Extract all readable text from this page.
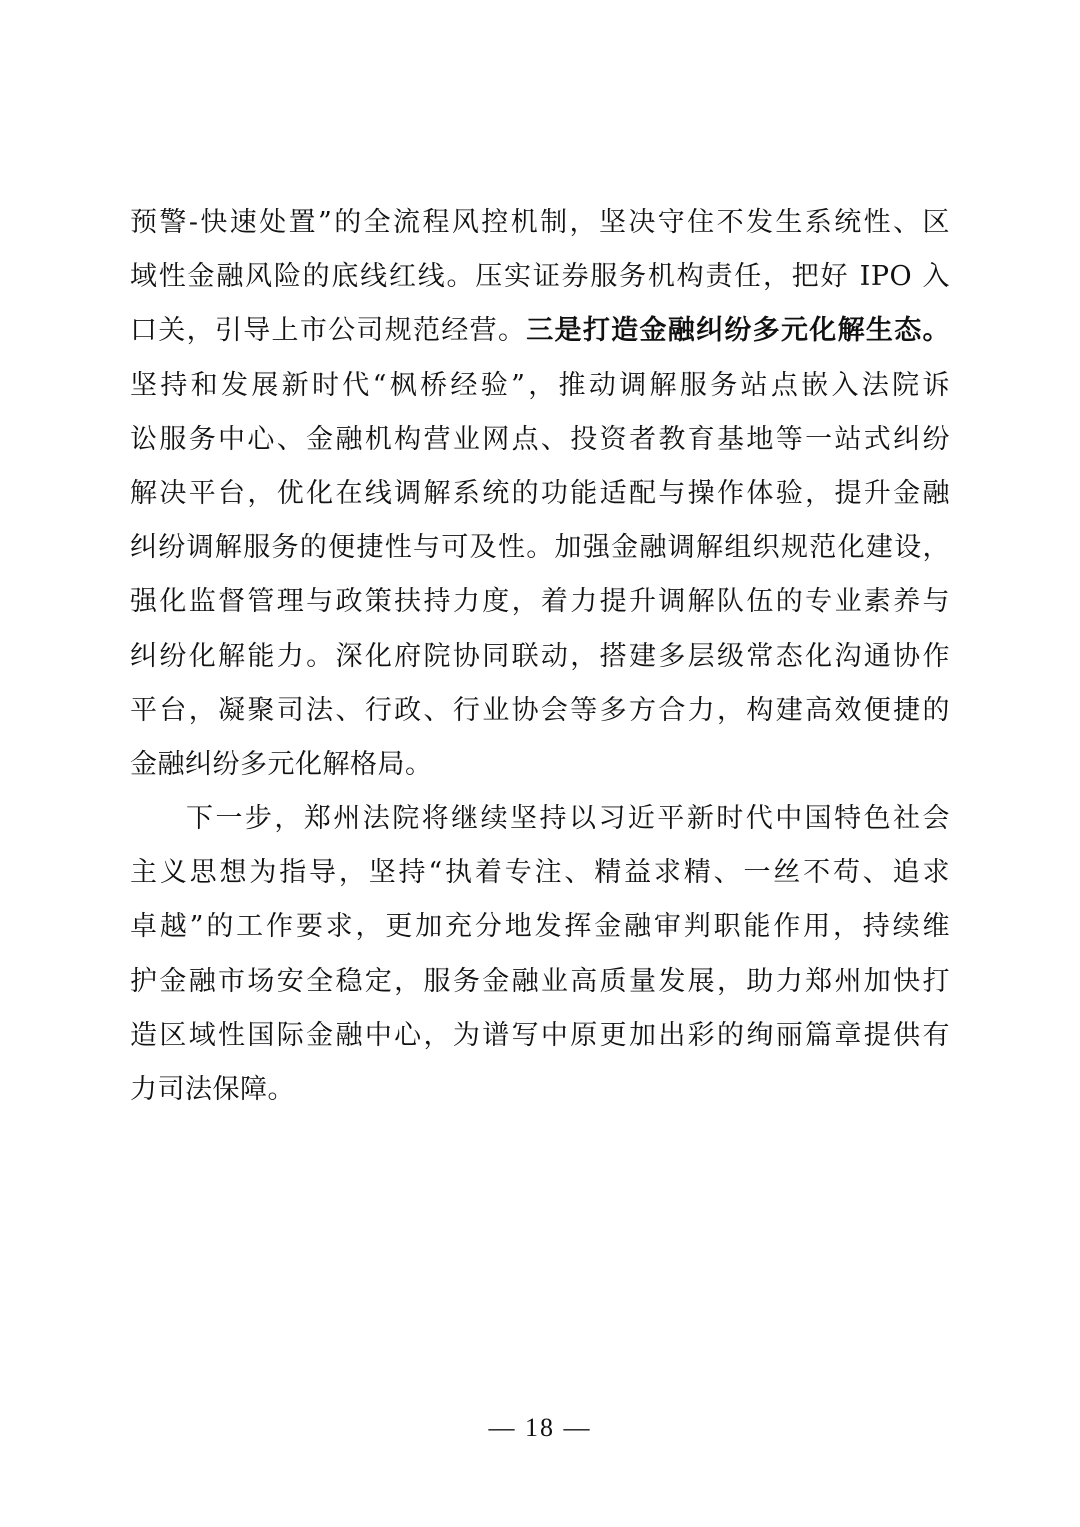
预警-快速处置”的全流程风控机制，坚决守住不发生系统性、区
域性金融风险的底线红线。压实证券服务机构责任，把好 IPO 入
口关，引导上市公司规范经营。三是打造金融纠纷多元化解生态。
坚持和发展新时代“枫桥经验”，推动调解服务站点嵌入法院诉
讼服务中心、金融机构营业网点、投资者教育基地等一站式纠纷
解决平台，优化在线调解系统的功能适配与操作体验，提升金融
纠纷调解服务的便捷性与可及性。加强金融调解组织规范化建设，
强化监督管理与政策扶持力度，着力提升调解队伍的专业素养与
纠纷化解能力。深化府院协同联动，搭建多层级常态化沟通协作
平台，凝聚司法、行政、行业协会等多方合力，构建高效便捷的
金融纠纷多元化解格局。
下一步，郑州法院将继续坚持以习近平新时代中国特色社会
主义思想为指导，坚持“执着专注、精益求精、一丝不苟、追求
卓越”的工作要求，更加充分地发挥金融审判职能作用，持续维
护金融市场安全稳定，服务金融业高质量发展，助力郑州加快打
造区域性国际金融中心，为谱写中原更加出彩的绚丽篇章提供有
力司法保障。
— 18 —
